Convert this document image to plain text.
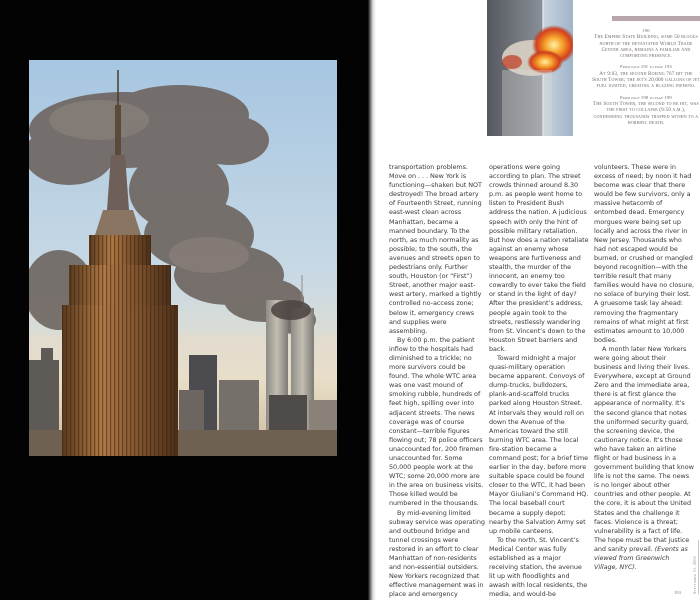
190
The Empire State Building, some 50 blocks north of the devastated World Trade Center area, remains a familiar and comforting presence.

From page 191 to page 193
At 9:03, the second Boeing 767 hit the South Tower; the jet's 20,000 gallons of jet fuel ignited, creating a blazing inferno.

From page 198 to page 199
The South Tower, the second to be hit, was the first to collapse (9:50 a.m.), condemning thousands trapped within to a horrific death.

transportation problems. Move on . . . New York is functioning—shaken but NOT destroyed! The broad artery of Fourteenth Street, running east-west clean across Manhattan, became a manned boundary. To the north, as much normality as possible; to the south, the avenues and streets open to pedestrians only. Further south, Houston (or “First”) Street, another major east-west artery, marked a tightly controlled no-access zone; below it, emergency crews and supplies were assembling.

By 6:00 p.m. the patient inflow to the hospitals had diminished to a trickle; no more survivors could be found. The whole WTC area was one vast mound of smoking rubble, hundreds of feet high, spilling over into adjacent streets. The news coverage was of course constant—terrible figures flowing out; 78 police officers unaccounted for, 200 firemen unaccounted for. Some 50,000 people work at the WTC; some 20,000 more are in the area on business visits. Those killed would be numbered in the thousands.

By mid-evening limited subway service was operating and outbound bridge and tunnel crossings were restored in an effort to clear Manhattan of non-residents and non-essential outsiders. New Yorkers recognized that effective management was in place and emergency

operations were going according to plan. The street crowds thinned around 8.30 p.m. as people went home to listen to President Bush address the nation. A judicious speech with only the hint of possible military retaliation. But how does a nation retaliate against an enemy whose weapons are furtiveness and stealth, the murder of the innocent, an enemy too cowardly to ever take the field or stand in the light of day? After the president’s address, people again took to the streets, restlessly wandering from St. Vincent’s down to the Houston Street barriers and back.

Toward midnight a major quasi-military operation became apparent. Convoys of dump-trucks, bulldozers, plank-and-scaffold trucks parked along Houston Street. At intervals they would roll on down the Avenue of the Americas toward the still burning WTC area. The local fire-station became a command post; for a brief time earlier in the day, before more suitable space could be found closer to the WTC, it had been Mayor Giuliani’s Command HQ. The local baseball court became a supply depot; nearby the Salvation Army set up mobile canteens.

To the north, St. Vincent’s Medical Center was fully established as a major receiving station, the avenue lit up with floodlights and awash with local residents, the media, and would-be

volunteers. These were in excess of need; by noon it had become was clear that there would be few survivors, only a massive hetacomb of entombed dead. Emergency morgues were being set up locally and across the river in New Jersey. Thousands who had not escaped would be burned, or crushed or mangled beyond recognition—with the terrible result that many families would have no closure, no solace of burying their lost. A gruesome task lay ahead: removing the fragmentary remains of what might at first estimates amount to 10,000 bodies.

A month later New Yorkers were going about their business and living their lives. Everywhere, except at Ground Zero and the immediate area, there is at first glance the appearance of normality. It’s the second glance that notes the uniformed security guard, the screening device, the cautionary notice. It’s those who have taken an airline flight or had business in a government building that know life is not the same. The news is no longer about other countries and other people. At the core, it is about the United States and the challenge it faces. Violence is a threat; vulnerability is a fact of life. The hope must be that justice and sanity prevail. (Events as viewed from Greenwich Village, NYC).	September 11, 2001
193
